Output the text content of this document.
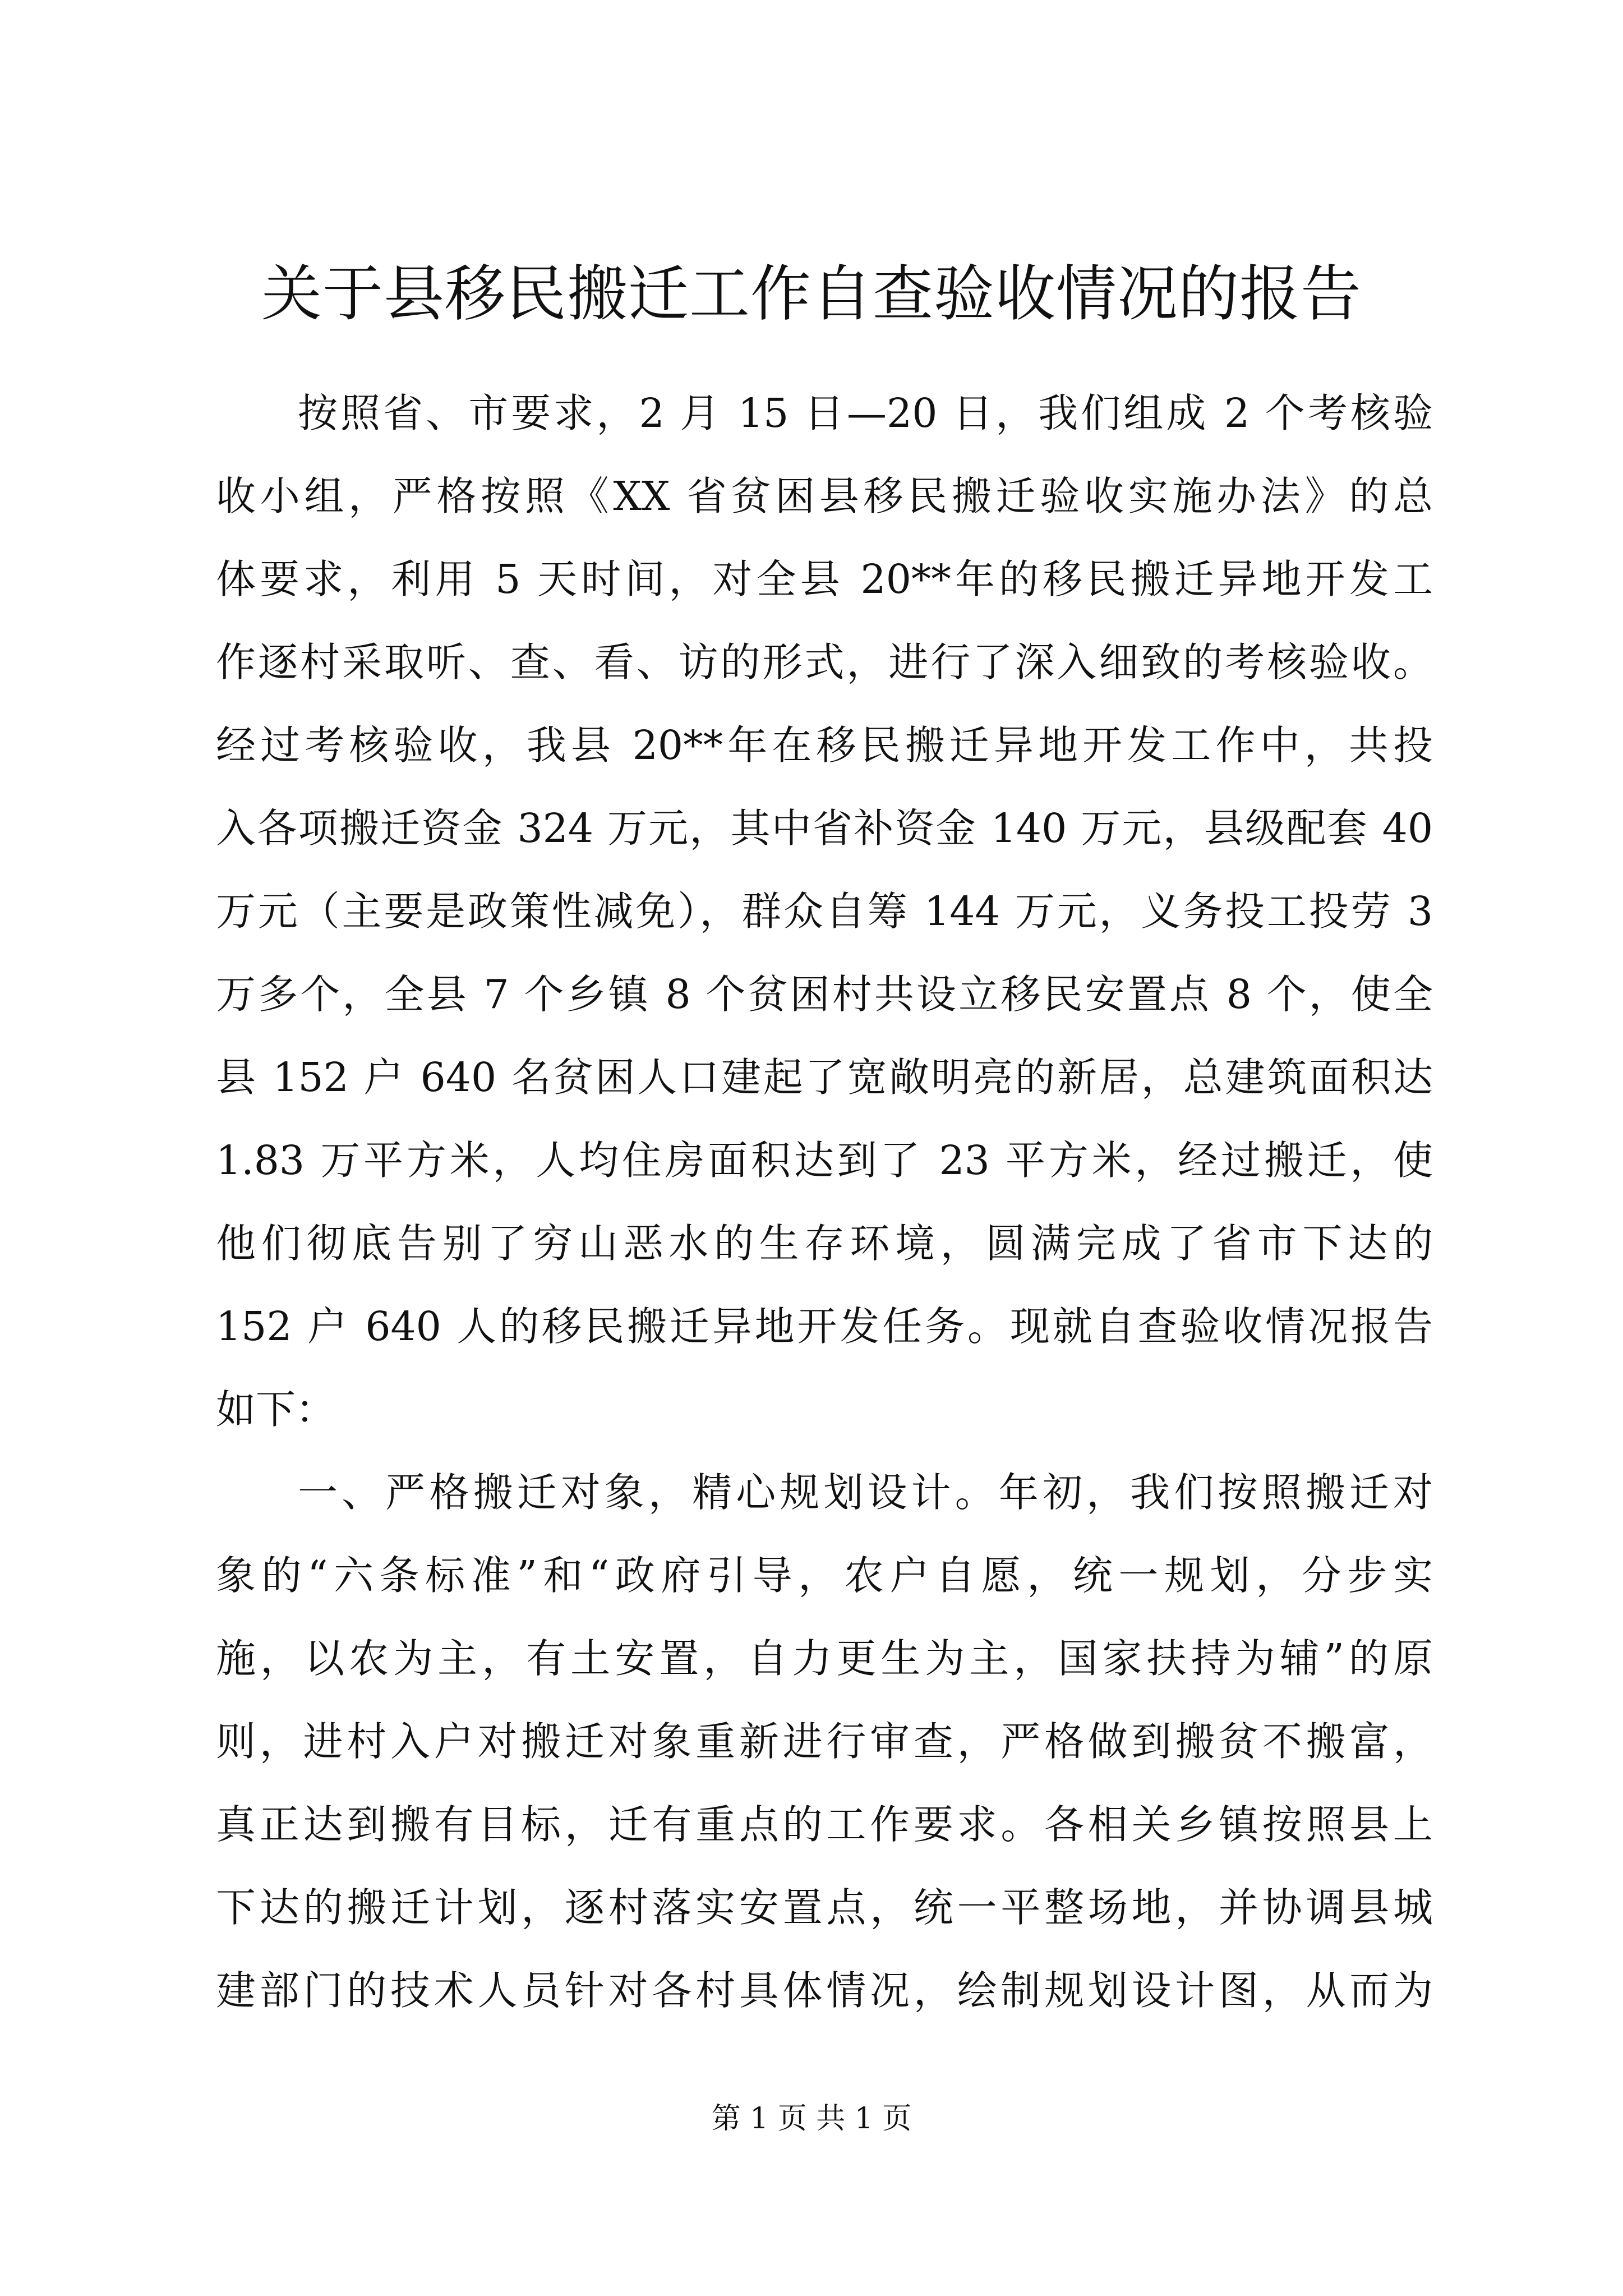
关于县移民搬迁工作自查验收情况的报告
按照省、市要求，2 月 15 日—20 日，我们组成 2 个考核验
收小组，严格按照《XX 省贫困县移民搬迁验收实施办法》的总
体要求，利用 5 天时间，对全县 20**年的移民搬迁异地开发工
作逐村采取听、查、看、访的形式，进行了深入细致的考核验收。
经过考核验收，我县 20**年在移民搬迁异地开发工作中，共投
入各项搬迁资金 324 万元，其中省补资金 140 万元，县级配套 40
万元（主要是政策性减免），群众自筹 144 万元，义务投工投劳 3
万多个，全县 7 个乡镇 8 个贫困村共设立移民安置点 8 个，使全
县 152 户 640 名贫困人口建起了宽敞明亮的新居，总建筑面积达
1.83 万平方米，人均住房面积达到了 23 平方米，经过搬迁，使
他们彻底告别了穷山恶水的生存环境，圆满完成了省市下达的
152 户 640 人的移民搬迁异地开发任务。现就自查验收情况报告
如下：
一、严格搬迁对象，精心规划设计。年初，我们按照搬迁对
象的“六条标准”和“政府引导，农户自愿，统一规划，分步实
施，以农为主，有土安置，自力更生为主，国家扶持为辅”的原
则，进村入户对搬迁对象重新进行审查，严格做到搬贫不搬富，
真正达到搬有目标，迁有重点的工作要求。各相关乡镇按照县上
下达的搬迁计划，逐村落实安置点，统一平整场地，并协调县城
建部门的技术人员针对各村具体情况，绘制规划设计图，从而为
第 1 页 共 1 页
